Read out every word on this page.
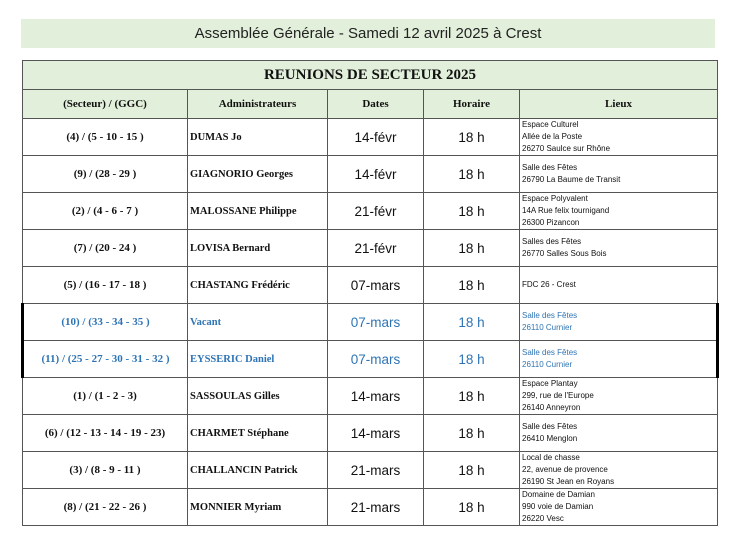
Assemblée Générale - Samedi 12 avril 2025 à Crest
REUNIONS DE SECTEUR 2025				
(Secteur) / (GGC)	Administrateurs	Dates	Horaire	Lieux
(4) / (5 - 10 - 15 )	DUMAS Jo	14-févr	18 h	Espace Culturel
Allée de la Poste
26270 Saulce sur Rhône

(9) / (28 - 29 )	GIAGNORIO Georges	14-févr	18 h	Salle des Fêtes
26790 La Baume de Transit

(2) / (4 - 6 - 7 )	MALOSSANE Philippe	21-févr	18 h	Espace Polyvalent
14A Rue felix tournigand
26300 Pizancon

(7) / (20 - 24 )	LOVISA Bernard	21-févr	18 h	Salles des Fêtes
26770 Salles Sous Bois

(5) / (16 - 17 - 18 )	CHASTANG Frédéric	07-mars	18 h	FDC 26 - Crest

(10) / (33 - 34 - 35 )	Vacant	07-mars	18 h	Salle des Fêtes
26110 Curnier

(11) / (25 - 27 - 30 - 31 - 32 )	EYSSERIC Daniel	07-mars	18 h	Salle des Fêtes
26110 Curnier

(1) / (1 - 2 - 3)	SASSOULAS Gilles	14-mars	18 h	Espace Plantay
299, rue de l'Europe
26140 Anneyron

(6) / (12 - 13 - 14 - 19 - 23)	CHARMET Stéphane	14-mars	18 h	Salle des Fêtes
26410 Menglon

(3) / (8 - 9 - 11 )	CHALLANCIN Patrick	21-mars	18 h	Local de chasse
22, avenue de provence
26190 St Jean en Royans

(8) / (21 - 22 - 26 )	MONNIER Myriam	21-mars	18 h	Domaine de Damian
990 voie de Damian
26220 Vesc
